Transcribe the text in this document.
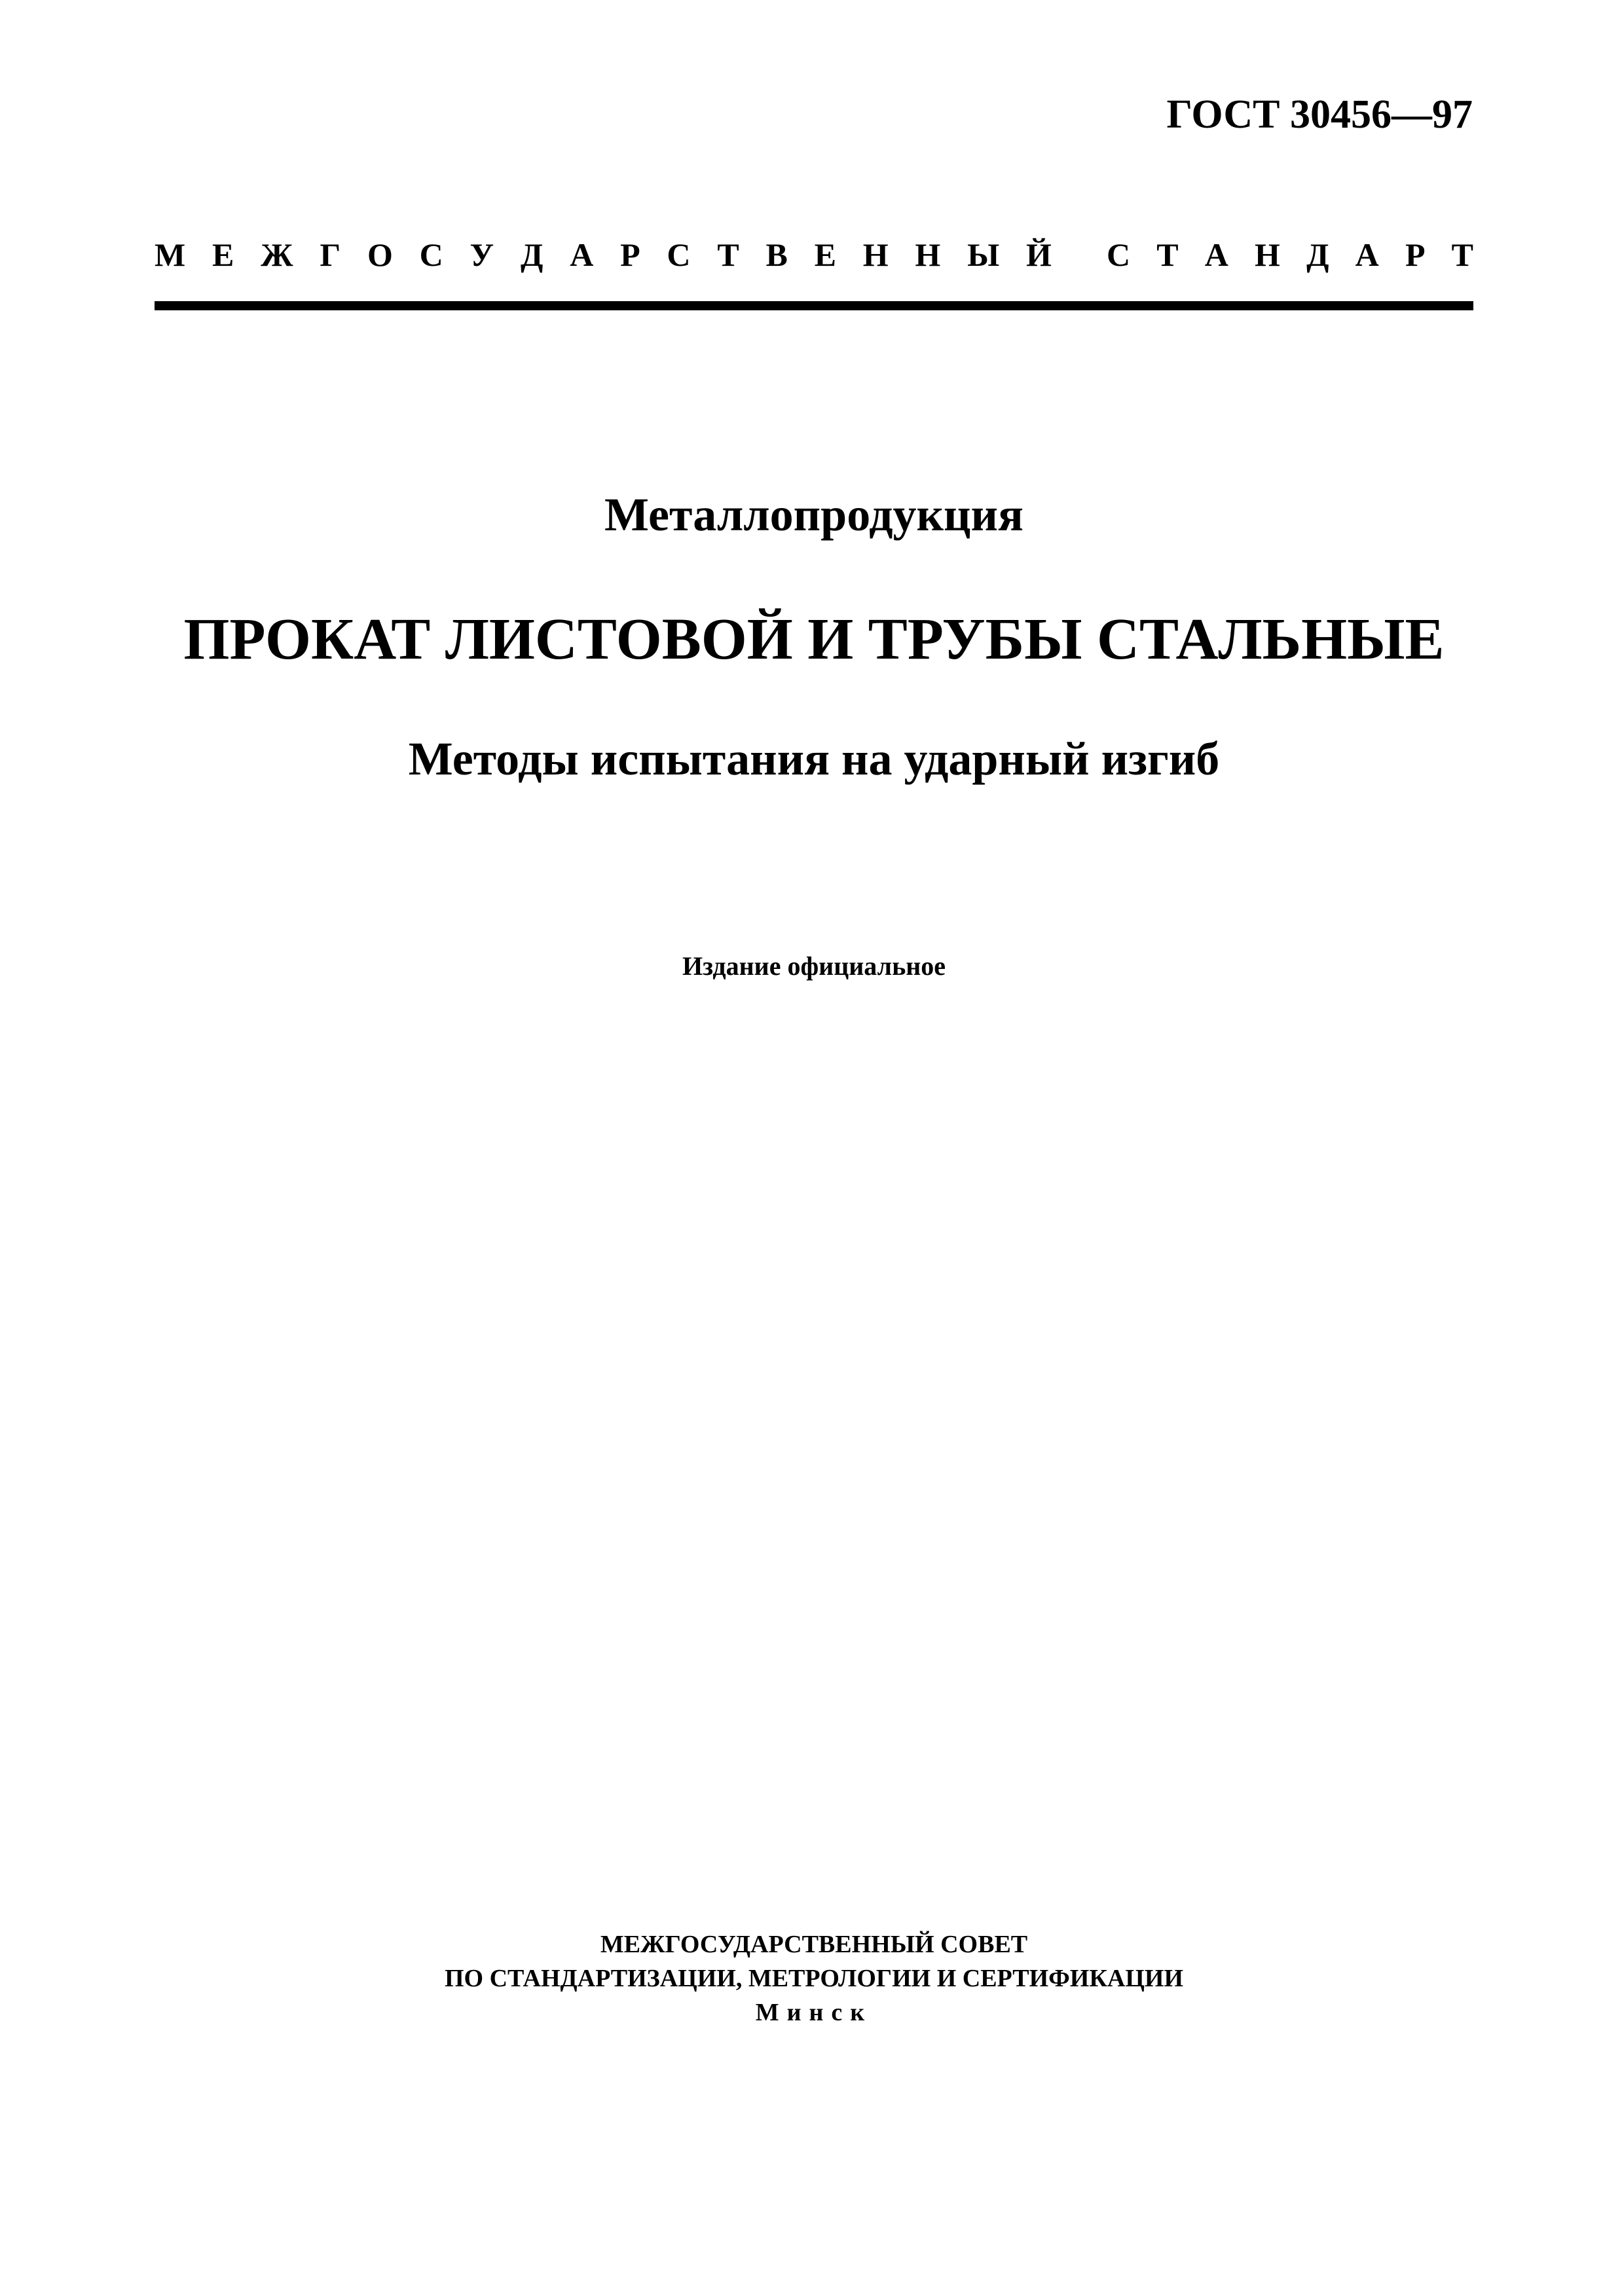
ГОСТ 30456—97
М Е Ж Г О С У Д А Р С Т В Е Н Н Ы Й С Т А Н Д А Р Т
Металлопродукция
ПРОКАТ ЛИСТОВОЙ И ТРУБЫ СТАЛЬНЫЕ
Методы испытания на ударный изгиб
Издание официальное
МЕЖГОСУДАРСТВЕННЫЙ СОВЕТ
ПО СТАНДАРТИЗАЦИИ, МЕТРОЛОГИИ И СЕРТИФИКАЦИИ
Минск
